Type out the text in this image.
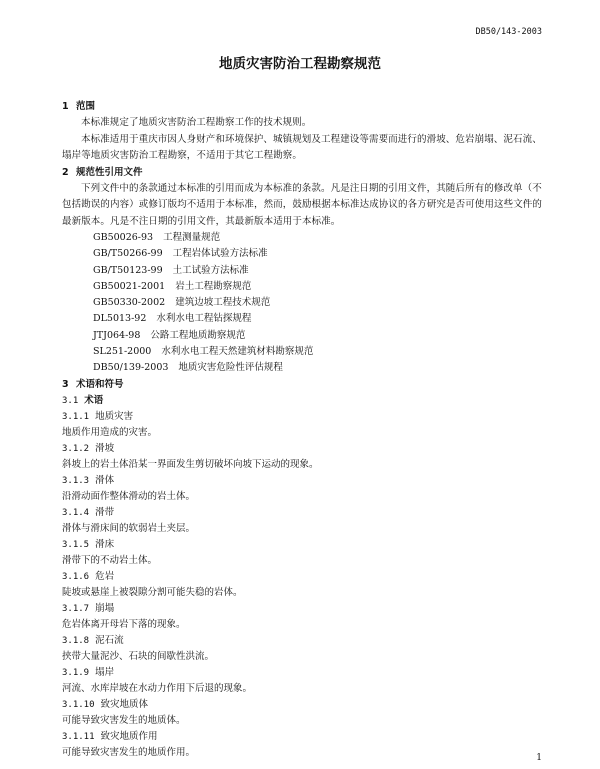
DB50/143-2003
地质灾害防治工程勘察规范
1 范围
本标准规定了地质灾害防治工程勘察工作的技术规则。
本标准适用于重庆市因人身财产和环境保护、城镇规划及工程建设等需要而进行的滑坡、危岩崩塌、泥石流、塌岸等地质灾害防治工程勘察，不适用于其它工程勘察。
2 规范性引用文件
下列文件中的条款通过本标准的引用而成为本标准的条款。凡是注日期的引用文件，其随后所有的修改单（不包括勘误的内容）或修订版均不适用于本标准，然而，鼓励根据本标准达成协议的各方研究是否可使用这些文件的最新版本。凡是不注日期的引用文件，其最新版本适用于本标准。
GB50026-93 工程测量规范
GB/T50266-99 工程岩体试验方法标准
GB/T50123-99 土工试验方法标准
GB50021-2001 岩土工程勘察规范
GB50330-2002 建筑边坡工程技术规范
DL5013-92 水利水电工程钻探规程
JTJ064-98 公路工程地质勘察规范
SL251-2000 水利水电工程天然建筑材料勘察规范
DB50/139-2003 地质灾害危险性评估规程
3 术语和符号
3.1 术语
3.1.1 地质灾害
地质作用造成的灾害。
3.1.2 滑坡
斜坡上的岩土体沿某一界面发生剪切破坏向坡下运动的现象。
3.1.3 滑体
沿滑动面作整体滑动的岩土体。
3.1.4 滑带
滑体与滑床间的软弱岩土夹层。
3.1.5 滑床
滑带下的不动岩土体。
3.1.6 危岩
陡坡或悬崖上被裂隙分割可能失稳的岩体。
3.1.7 崩塌
危岩体离开母岩下落的现象。
3.1.8 泥石流
挟带大量泥沙、石块的间歇性洪流。
3.1.9 塌岸
河流、水库岸坡在水动力作用下后退的现象。
3.1.10 致灾地质体
可能导致灾害发生的地质体。
3.1.11 致灾地质作用
可能导致灾害发生的地质作用。
1
